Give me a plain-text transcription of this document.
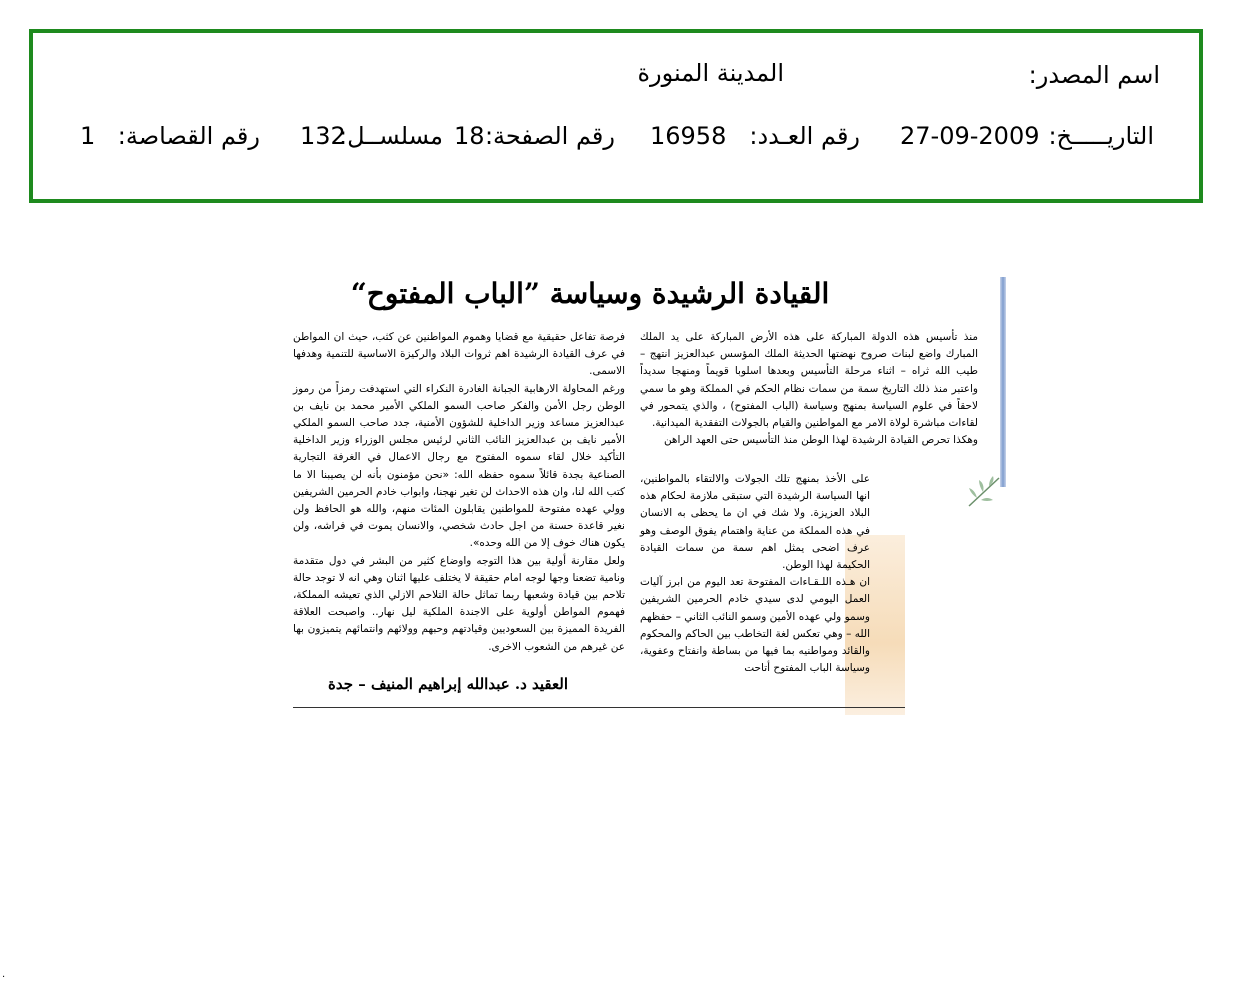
اسم المصدر:
المدينة المنورة
التاريـــــخ:
27-09-2009
رقم العـدد:
16958
رقم الصفحة:
18
مسلســل:
132
رقم القصاصة:
1
القيادة الرشيدة وسياسة ”الباب المفتوح“

منذ تأسيس هذه الدولة المباركة على هذه الأرض المباركة على يد الملك المبارك واضع لبنات صروح نهضتها الحديثة الملك المؤسس عبدالعزيز انتهج – طيب الله ثراه – اثناء مرحلة التأسيس وبعدها اسلوبا قويماً ومنهجا سديداً واعتبر منذ ذلك التاريخ سمة من سمات نظام الحكم في المملكة وهو ما سمي لاحقاً في علوم السياسة بمنهج وسياسة (الباب المفتوح) ، والذي يتمحور في لقاءات مباشرة لولاة الامر مع المواطنين والقيام بالجولات التفقدية الميدانية.

وهكذا تحرص القيادة الرشيدة لهذا الوطن منذ التأسيس حتى العهد الراهن

على الأخذ بمنهج تلك الجولات والالتقاء بالمواطنين، انها السياسة الرشيدة التي ستبقى ملازمة لحكام هذه البلاد العزيزة. ولا شك في ان ما يحظى به الانسان في هذه المملكة من عناية واهتمام يفوق الوصف وهو عرف اضحى يمثل اهم سمة من سمات القيادة الحكيمة لهذا الوطن.

ان هـذه اللـقـاءات المفتوحة تعد اليوم من ابرز آليات العمل اليومي لدى سيدي خادم الحرمين الشريفين وسمو ولي عهده الأمين وسمو النائب الثاني – حفظهم الله – وهي تعكس لغة التخاطب بين الحاكم والمحكوم والقائد ومواطنيه بما فيها من بساطة وانفتاح وعفوية، وسياسة الباب المفتوح أتاحت

فرصة تفاعل حقيقية مع قضايا وهموم المواطنين عن كثب، حيث ان المواطن في عرف القيادة الرشيدة اهم ثروات البلاد والركيزة الاساسية للتنمية وهدفها الاسمى.

ورغم المحاولة الارهابية الجبانة الغادرة النكراء التي استهدفت رمزاً من رموز الوطن رجل الأمن والفكر صاحب السمو الملكي الأمير محمد بن نايف بن عبدالعزيز مساعد وزير الداخلية للشؤون الأمنية، جدد صاحب السمو الملكي الأمير نايف بن عبدالعزيز النائب الثاني لرئيس مجلس الوزراء وزير الداخلية التأكيد خلال لقاء سموه المفتوح مع رجال الاعمال في الغرفة التجارية الصناعية بجدة قائلاً سموه حفظه الله: «نحن مؤمنون بأنه لن يصيبنا الا ما كتب الله لنا، وان هذه الاحداث لن تغير نهجنا، وابواب خادم الحرمين الشريفين وولي عهده مفتوحة للمواطنين يقابلون المئات منهم، والله هو الحافظ ولن نغير قاعدة حسنة من اجل حادث شخصي، والانسان يموت في فراشه، ولن يكون هناك خوف إلا من الله وحده».

ولعل مقارنة أولية بين هذا التوجه واوضاع كثير من البشر في دول متقدمة ونامية تضعنا وجها لوجه امام حقيقة لا يختلف عليها اثنان وهي انه لا توجد حالة تلاحم بين قيادة وشعبها ربما تماثل حالة التلاحم الازلي الذي تعيشه المملكة، فهموم المواطن أولوية على الاجندة الملكية ليل نهار.. واصبحت العلاقة الفريدة المميزة بين السعوديين وقيادتهم وحبهم وولائهم وانتمائهم يتميزون بها عن غيرهم من الشعوب الاخرى.

العقيد د. عبدالله إبراهيم المنيف – جدة
·
